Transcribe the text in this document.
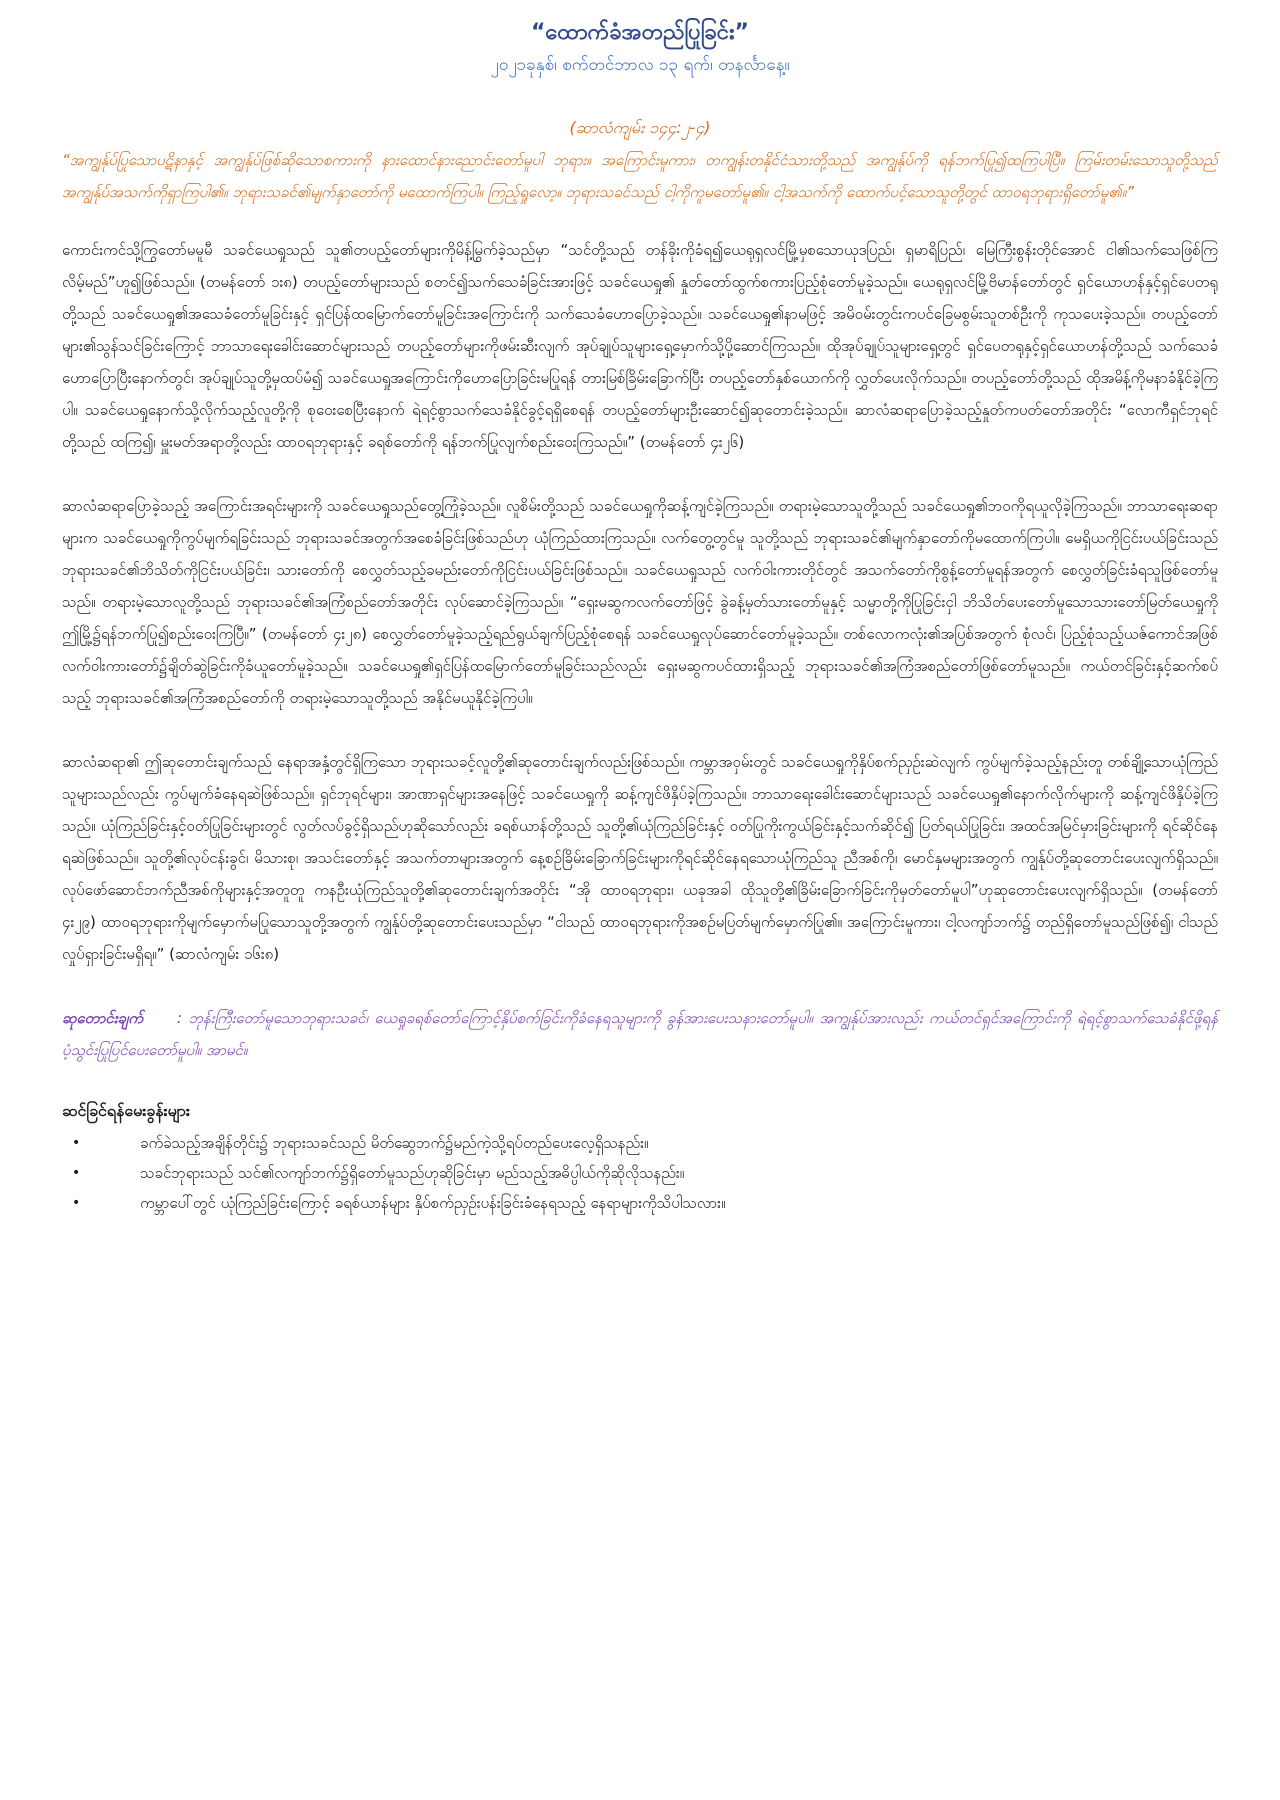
“ထောက်ခံအတည်ပြုခြင်း”

၂၀၂၁ခုနှစ်၊ စက်တင်ဘာလ ၁၃ ရက်၊ တနင်္လာနေ့။

(ဆာလံကျမ်း ၁၄၄:၂-၄)

“အကျွန်ုပ်ပြုသောပဋိနာနှင့် အကျွန်ုပ်ဖြစ်ဆိုသောစကားကို နားထောင်နားညောင်းတော်မူပါ ဘုရား။ အကြောင်းမူကား၊ တကျွန်းတနိုင်ငံသားတို့သည် အကျွန်ုပ်ကို ရန်ဘက်ပြု၍ထကြပါပြီ။ ကြမ်းတမ်းသောသူတို့သည် အကျွန်ုပ်အသက်ကိုရှာကြပါ၏။ ဘုရားသခင်၏မျက်နှာတော်ကို မထောက်ကြပါ။ ကြည့်ရှုလော့။ ဘုရားသခင်သည် ငါ့ကိုကူမတော်မူ၏။ ငါ့အသက်ကို ထောက်ပင့်သောသူတို့တွင် ထာဝရဘုရားရှိတော်မူ၏။”

ကောင်းကင်သို့ကြွတော်မမူမီ သခင်ယေရှုသည် သူ၏တပည့်တော်များကိုမိန့်မြွက်ခဲ့သည်မှာ “သင်တို့သည် တန်ခိုးကိုခံရ၍ယေရုရှလင်မြို့မှစသောယုဒပြည်၊ ရှမာရိပြည်၊ မြေကြီးစွန်းတိုင်အောင် ငါ၏သက်သေဖြစ်ကြလိမ့်မည်”ဟူ၍ဖြစ်သည်။ (တမန်တော် ၁း၈) တပည့်တော်များသည် စတင်၍သက်သေခံခြင်းအားဖြင့် သခင်ယေရှု၏ နှုတ်တော်ထွက်စကားပြည့်စုံတော်မူခဲ့သည်။ ယေရုရှလင်မြို့ဗိမာန်တော်တွင် ရှင်ယောဟန်နှင့်ရှင်ပေတရုတို့သည် သခင်ယေရှု၏အသေခံတော်မူခြင်းနှင့် ရှင်ပြန်ထမြောက်တော်မူခြင်းအကြောင်းကို သက်သေခံဟောပြောခဲ့သည်။ သခင်ယေရှု၏နာမဖြင့် အမိဝမ်းတွင်းကပင်ခြေမစွမ်းသူတစ်ဦးကို ကုသပေးခဲ့သည်။ တပည့်တော်များ၏သွန်သင်ခြင်းကြောင့် ဘာသာရေးခေါင်းဆောင်များသည် တပည့်တော်များကိုဖမ်းဆီးလျက် အုပ်ချုပ်သူများရှေ့မှောက်သို့ပို့ဆောင်ကြသည်။ ထိုအုပ်ချုပ်သူများရှေ့တွင် ရှင်ပေတရုနှင့်ရှင်ယောဟန်တို့သည် သက်သေခံဟောပြောပြီးနောက်တွင်၊ အုပ်ချုပ်သူတို့မှထပ်မံ၍ သခင်ယေရှုအကြောင်းကိုဟောပြောခြင်းမပြုရန် တားမြစ်ခြိမ်းခြောက်ပြီး တပည့်တော်နှစ်ယောက်ကို လွှတ်ပေးလိုက်သည်။ တပည့်တော်တို့သည် ထိုအမိန့်ကိုမနာခံနိုင်ခဲ့ကြပါ။ သခင်ယေရှုနောက်သို့လိုက်သည့်လူတို့ကို စုဝေးစေပြီးနောက် ရဲရင့်စွာသက်သေခံနိုင်ခွင့်ရရှိစေရန် တပည့်တော်များဦးဆောင်၍ဆုတောင်းခဲ့သည်။ ဆာလံဆရာပြောခဲ့သည့်နှုတ်ကပတ်တော်အတိုင်း “လောကီရှင်ဘုရင်တို့သည် ထကြ၍၊ မှူးမတ်အရာတို့လည်း ထာဝရဘုရားနှင့် ခရစ်တော်ကို ရန်ဘက်ပြုလျက်စည်းဝေးကြသည်။” (တမန်တော် ၄း၂၆)

ဆာလံဆရာပြောခဲ့သည့် အကြောင်းအရင်းများကို သခင်ယေရှုသည်တွေ့ကြုံခဲ့သည်။ လူစိမ်းတို့သည် သခင်ယေရှုကိုဆန့်ကျင်ခဲ့ကြသည်။ တရားမဲ့သောသူတို့သည် သခင်ယေရှု၏ဘဝကိုရယူလိုခဲ့ကြသည်။ ဘာသာရေးဆရာများက သခင်ယေရှုကိုကွပ်မျက်ရခြင်းသည် ဘုရားသခင်အတွက်အစေခံခြင်းဖြစ်သည်ဟု ယုံကြည်ထားကြသည်။ လက်တွေ့တွင်မူ သူတို့သည် ဘုရားသခင်၏မျက်နှာတော်ကိုမထောက်ကြပါ။ မေရှိယကိုငြင်းပယ်ခြင်းသည် ဘုရားသခင်၏ဘိသိတ်ကိုငြင်းပယ်ခြင်း၊ သားတော်ကို စေလွှတ်သည့်ခမည်းတော်ကိုငြင်းပယ်ခြင်းဖြစ်သည်။ သခင်ယေရှုသည် လက်ဝါးကားတိုင်တွင် အသက်တော်ကိုစွန့်တော်မူရန်အတွက် စေလွှတ်ခြင်းခံရသူဖြစ်တော်မူသည်။ တရားမဲ့သောလူတို့သည် ဘုရားသခင်၏အကြံစည်တော်အတိုင်း လုပ်ဆောင်ခဲ့ကြသည်။ “ရှေးမဆွကလက်တော်ဖြင့် ခွဲခန့်မှတ်သားတော်မူနှင့် သမ္မာတို့ကိုပြုခြင်းငှါ ဘိသိတ်ပေးတော်မူသောသားတော်မြတ်ယေရှုကို ဤမြို့၌ရန်ဘက်ပြု၍စည်းဝေးကြပြီ။” (တမန်တော် ၄း၂၈) စေလွှတ်တော်မူခဲ့သည့်ရည်ရွယ်ချက်ပြည့်စုံစေရန် သခင်ယေရှုလုပ်ဆောင်တော်မူခဲ့သည်။ တစ်လောကလုံး၏အပြစ်အတွက် စုံလင်၊ ပြည့်စုံသည့်ယဇ်ကောင်အဖြစ် လက်ဝါးကားတော်၌ချိတ်ဆွဲခြင်းကိုခံယူတော်မူခဲ့သည်။ သခင်ယေရှု၏ရှင်ပြန်ထမြောက်တော်မူခြင်းသည်လည်း ရှေးမဆွကပင်ထားရှိသည့် ဘုရားသခင်၏အကြံအစည်တော်ဖြစ်တော်မူသည်။ ကယ်တင်ခြင်းနှင့်ဆက်စပ်သည့် ဘုရားသခင်၏အကြံအစည်တော်ကို တရားမဲ့သောသူတို့သည် အနိုင်မယူနိုင်ခဲ့ကြပါ။

ဆာလံဆရာ၏ ဤဆုတောင်းချက်သည် နေရာအနှံ့တွင်ရှိကြသော ဘုရားသခင့်လူတို့၏ဆုတောင်းချက်လည်းဖြစ်သည်။ ကမ္ဘာအဝှမ်းတွင် သခင်ယေရှုကိုနှိပ်စက်ညှဉ်းဆဲလျက် ကွပ်မျက်ခဲ့သည့်နည်းတူ တစ်ချို့သောယုံကြည်သူများသည်လည်း ကွပ်မျက်ခံနေရဆဲဖြစ်သည်။ ရှင်ဘုရင်များ၊ အာဏာရှင်များအနေဖြင့် သခင်ယေရှုကို ဆန့်ကျင်ဖိနှိပ်ခဲ့ကြသည်။ ဘာသာရေးခေါင်းဆောင်များသည် သခင်ယေရှု၏နောက်လိုက်များကို ဆန့်ကျင်ဖိနှိပ်ခဲ့ကြသည်။ ယုံကြည်ခြင်းနှင့်ဝတ်ပြုခြင်းများတွင် လွတ်လပ်ခွင့်ရှိသည်ဟုဆိုသော်လည်း ခရစ်ယာန်တို့သည် သူတို့၏ယုံကြည်ခြင်းနှင့် ဝတ်ပြုကိုးကွယ်ခြင်းနှင့်သက်ဆိုင်၍ ပြတ်ရယ်ပြုခြင်း၊ အထင်အမြင်မှားခြင်းများကို ရင်ဆိုင်နေရဆဲဖြစ်သည်။ သူတို့၏လုပ်ငန်းခွင်၊ မိသားစု၊ အသင်းတော်နှင့် အသက်တာများအတွက် နေ့စဉ်ခြိမ်းခြောက်ခြင်းများကိုရင်ဆိုင်နေရသောယုံကြည်သူ ညီအစ်ကို၊ မောင်နှမများအတွက် ကျွန်ုပ်တို့ဆုတောင်းပေးလျက်ရှိသည်။ လုပ်ဖော်ဆောင်ဘက်ညီအစ်ကိုများနှင့်အတူတူ ကနဦးယုံကြည်သူတို့၏ဆုတောင်းချက်အတိုင်း “အို ထာဝရဘုရား၊ ယခုအခါ ထိုသူတို့၏ခြိမ်းခြောက်ခြင်းကိုမှတ်တော်မူပါ”ဟုဆုတောင်းပေးလျက်ရှိသည်။ (တမန်တော် ၄း၂၉) ထာဝရဘုရားကိုမျက်မှောက်မပြုသောသူတို့အတွက် ကျွန်ုပ်တို့ဆုတောင်းပေးသည်မှာ “ငါသည် ထာဝရဘုရားကိုအစဉ်မပြတ်မျက်မှောက်ပြု၏။ အကြောင်းမူကား၊ ငါ့လကျာ်ဘက်၌ တည်ရှိတော်မူသည်ဖြစ်၍၊ ငါသည်လှုပ်ရှားခြင်းမရှိရ။” (ဆာလံကျမ်း ၁၆း၈)

ဆုတောင်းချက် : ဘုန်းကြီးတော်မူသောဘုရားသခင်၊ ယေရှုခရစ်တော်ကြောင့်နှိပ်စက်ခြင်းကိုခံနေရသူများကို ခွန်အားပေးသနားတော်မူပါ။ အကျွန်ုပ်အားလည်း ကယ်တင်ရှင်အကြောင်းကို ရဲရင့်စွာသက်သေခံနိုင်ဖို့ရန် ပံ့သွင်းပြုပြင်ပေးတော်မူပါ။ အာမင်။

ဆင်ခြင်ရန်မေးခွန်းများ
•	ခက်ခဲသည့်အချိန်တိုင်း၌ ဘုရားသခင်သည် မိတ်ဆွေဘက်၌မည်ကဲ့သို့ရပ်တည်ပေးလေ့ရှိသနည်း။
•	သခင်ဘုရားသည် သင်၏လကျာ်ဘက်၌ရှိတော်မူသည်ဟုဆိုခြင်းမှာ မည်သည့်အဓိပ္ပါယ်ကိုဆိုလိုသနည်း။
•	ကမ္ဘာပေါ်တွင် ယုံကြည်ခြင်းကြောင့် ခရစ်ယာန်များ နှိပ်စက်ညှဉ်းပန်းခြင်းခံနေရသည့် နေရာများကိုသိပါသလား။
